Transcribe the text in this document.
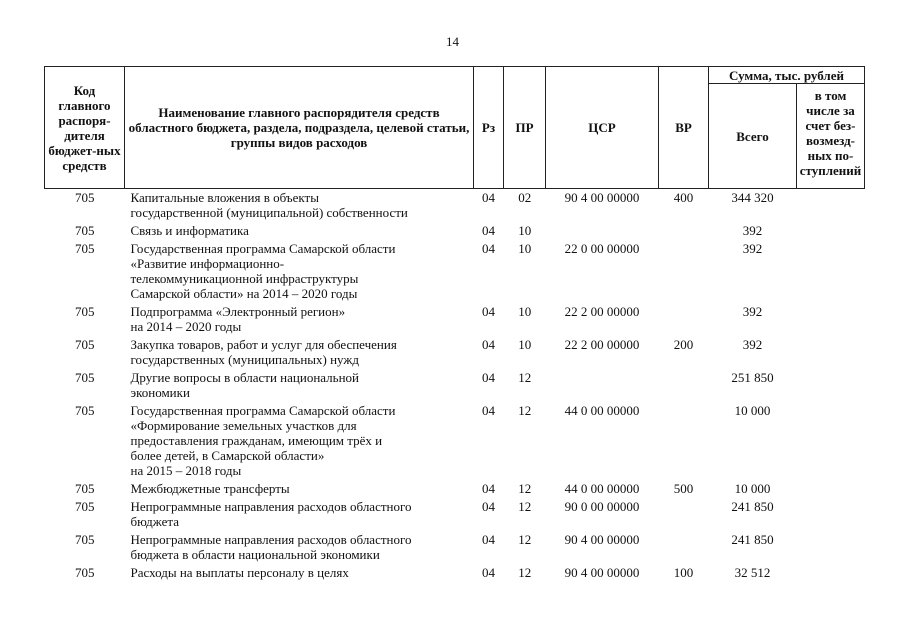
14
Код главного распоря-дителя бюджет-ных средств	Наименование главного распорядителя средств областного бюджета, раздела, подраздела, целевой статьи, группы видов расходов	Рз	ПР	ЦСР	ВР	Сумма, тыс. рублей	
						Всего	в том числе за счет без-возмезд-ных по-ступлений
705	Капитальные вложения в объекты
государственной (муниципальной) собственности	04	02	90 4 00 00000	400	344 320	
705	Связь и информатика	04	10			392	
705	Государственная программа Самарской области
«Развитие информационно-
телекоммуникационной инфраструктуры
Самарской области» на 2014 – 2020 годы	04	10	22 0 00 00000		392	
705	Подпрограмма «Электронный регион»
на 2014 – 2020 годы	04	10	22 2 00 00000		392	
705	Закупка товаров, работ и услуг для обеспечения
государственных (муниципальных) нужд	04	10	22 2 00 00000	200	392	
705	Другие вопросы в области национальной
экономики	04	12			251 850	
705	Государственная программа Самарской области
«Формирование земельных участков для
предоставления гражданам, имеющим трёх и
более детей, в Самарской области»
на 2015 – 2018 годы	04	12	44 0 00 00000		10 000	
705	Межбюджетные трансферты	04	12	44 0 00 00000	500	10 000	
705	Непрограммные направления расходов областного
бюджета	04	12	90 0 00 00000		241 850	
705	Непрограммные направления расходов областного
бюджета в области национальной экономики	04	12	90 4 00 00000		241 850	
705	Расходы на выплаты персоналу в целях	04	12	90 4 00 00000	100	32 512	
